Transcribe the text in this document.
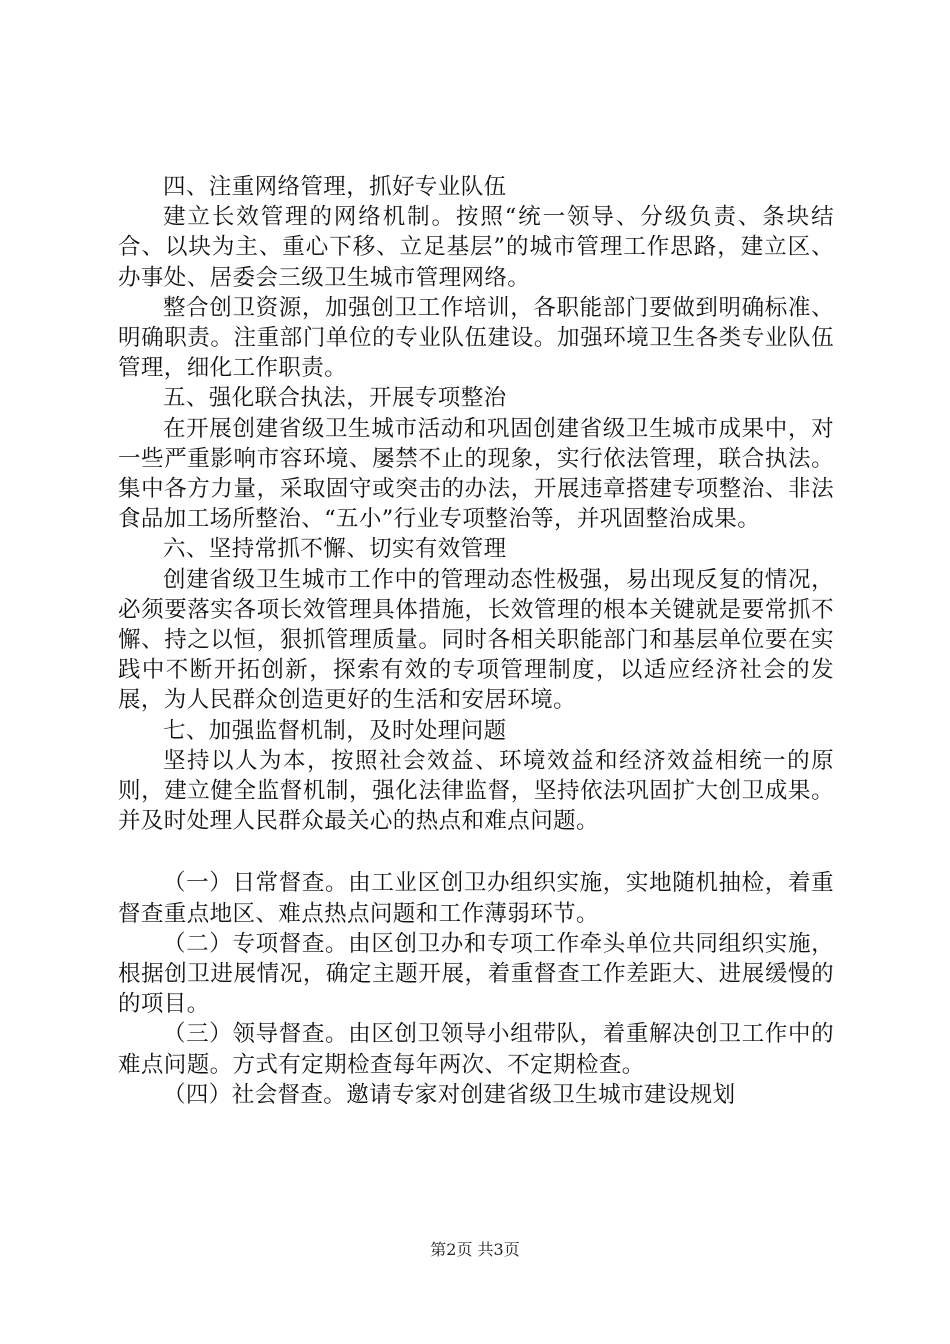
四、注重网络管理，抓好专业队伍

建立长效管理的网络机制。按照“统一领导、分级负责、条块结合、以块为主、重心下移、立足基层”的城市管理工作思路，建立区、办事处、居委会三级卫生城市管理网络。

整合创卫资源，加强创卫工作培训，各职能部门要做到明确标准、明确职责。注重部门单位的专业队伍建设。加强环境卫生各类专业队伍管理，细化工作职责。

五、强化联合执法，开展专项整治

在开展创建省级卫生城市活动和巩固创建省级卫生城市成果中，对一些严重影响市容环境、屡禁不止的现象，实行依法管理，联合执法。集中各方力量，采取固守或突击的办法，开展违章搭建专项整治、非法食品加工场所整治、“五小”行业专项整治等，并巩固整治成果。

六、坚持常抓不懈、切实有效管理

创建省级卫生城市工作中的管理动态性极强，易出现反复的情况，必须要落实各项长效管理具体措施，长效管理的根本关键就是要常抓不懈、持之以恒，狠抓管理质量。同时各相关职能部门和基层单位要在实践中不断开拓创新，探索有效的专项管理制度，以适应经济社会的发展，为人民群众创造更好的生活和安居环境。

七、加强监督机制，及时处理问题

坚持以人为本，按照社会效益、环境效益和经济效益相统一的原则，建立健全监督机制，强化法律监督，坚持依法巩固扩大创卫成果。并及时处理人民群众最关心的热点和难点问题。

（一）日常督查。由工业区创卫办组织实施，实地随机抽检，着重督查重点地区、难点热点问题和工作薄弱环节。

（二）专项督查。由区创卫办和专项工作牵头单位共同组织实施，根据创卫进展情况，确定主题开展，着重督查工作差距大、进展缓慢的的项目。

（三）领导督查。由区创卫领导小组带队，着重解决创卫工作中的难点问题。方式有定期检查每年两次、不定期检查。

（四）社会督查。邀请专家对创建省级卫生城市建设规划

第2页 共3页
